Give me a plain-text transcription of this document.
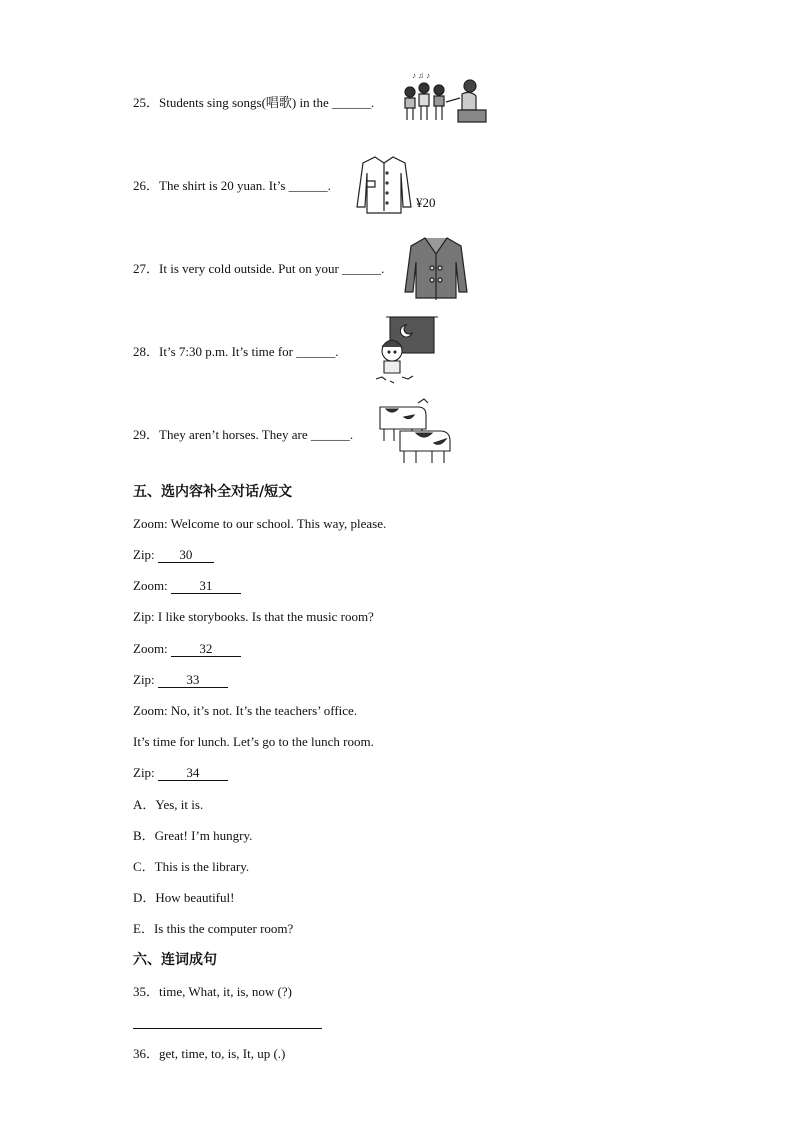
25．Students sing songs(唱歌) in the ______.
♪ ♫ ♪
26．The shirt is 20 yuan. It’s ______.
¥20
27．It is very cold outside. Put on your ______.
28．It’s 7:30 p.m. It’s time for ______.
29．They aren’t horses. They are ______.
五、选内容补全对话/短文
Zoom: Welcome to our school. This way, please.
Zip: 30
Zoom: 31
Zip: I like storybooks. Is that the music room?
Zoom: 32
Zip: 33
Zoom: No, it’s not. It’s the teachers’ office.
It’s time for lunch. Let’s go to the lunch room.
Zip: 34
A．Yes, it is.
B．Great! I’m hungry.
C．This is the library.
D．How beautiful!
E．Is this the computer room?
六、连词成句
35．time, What, it, is, now (?)
36．get, time, to, is, It, up (.)
